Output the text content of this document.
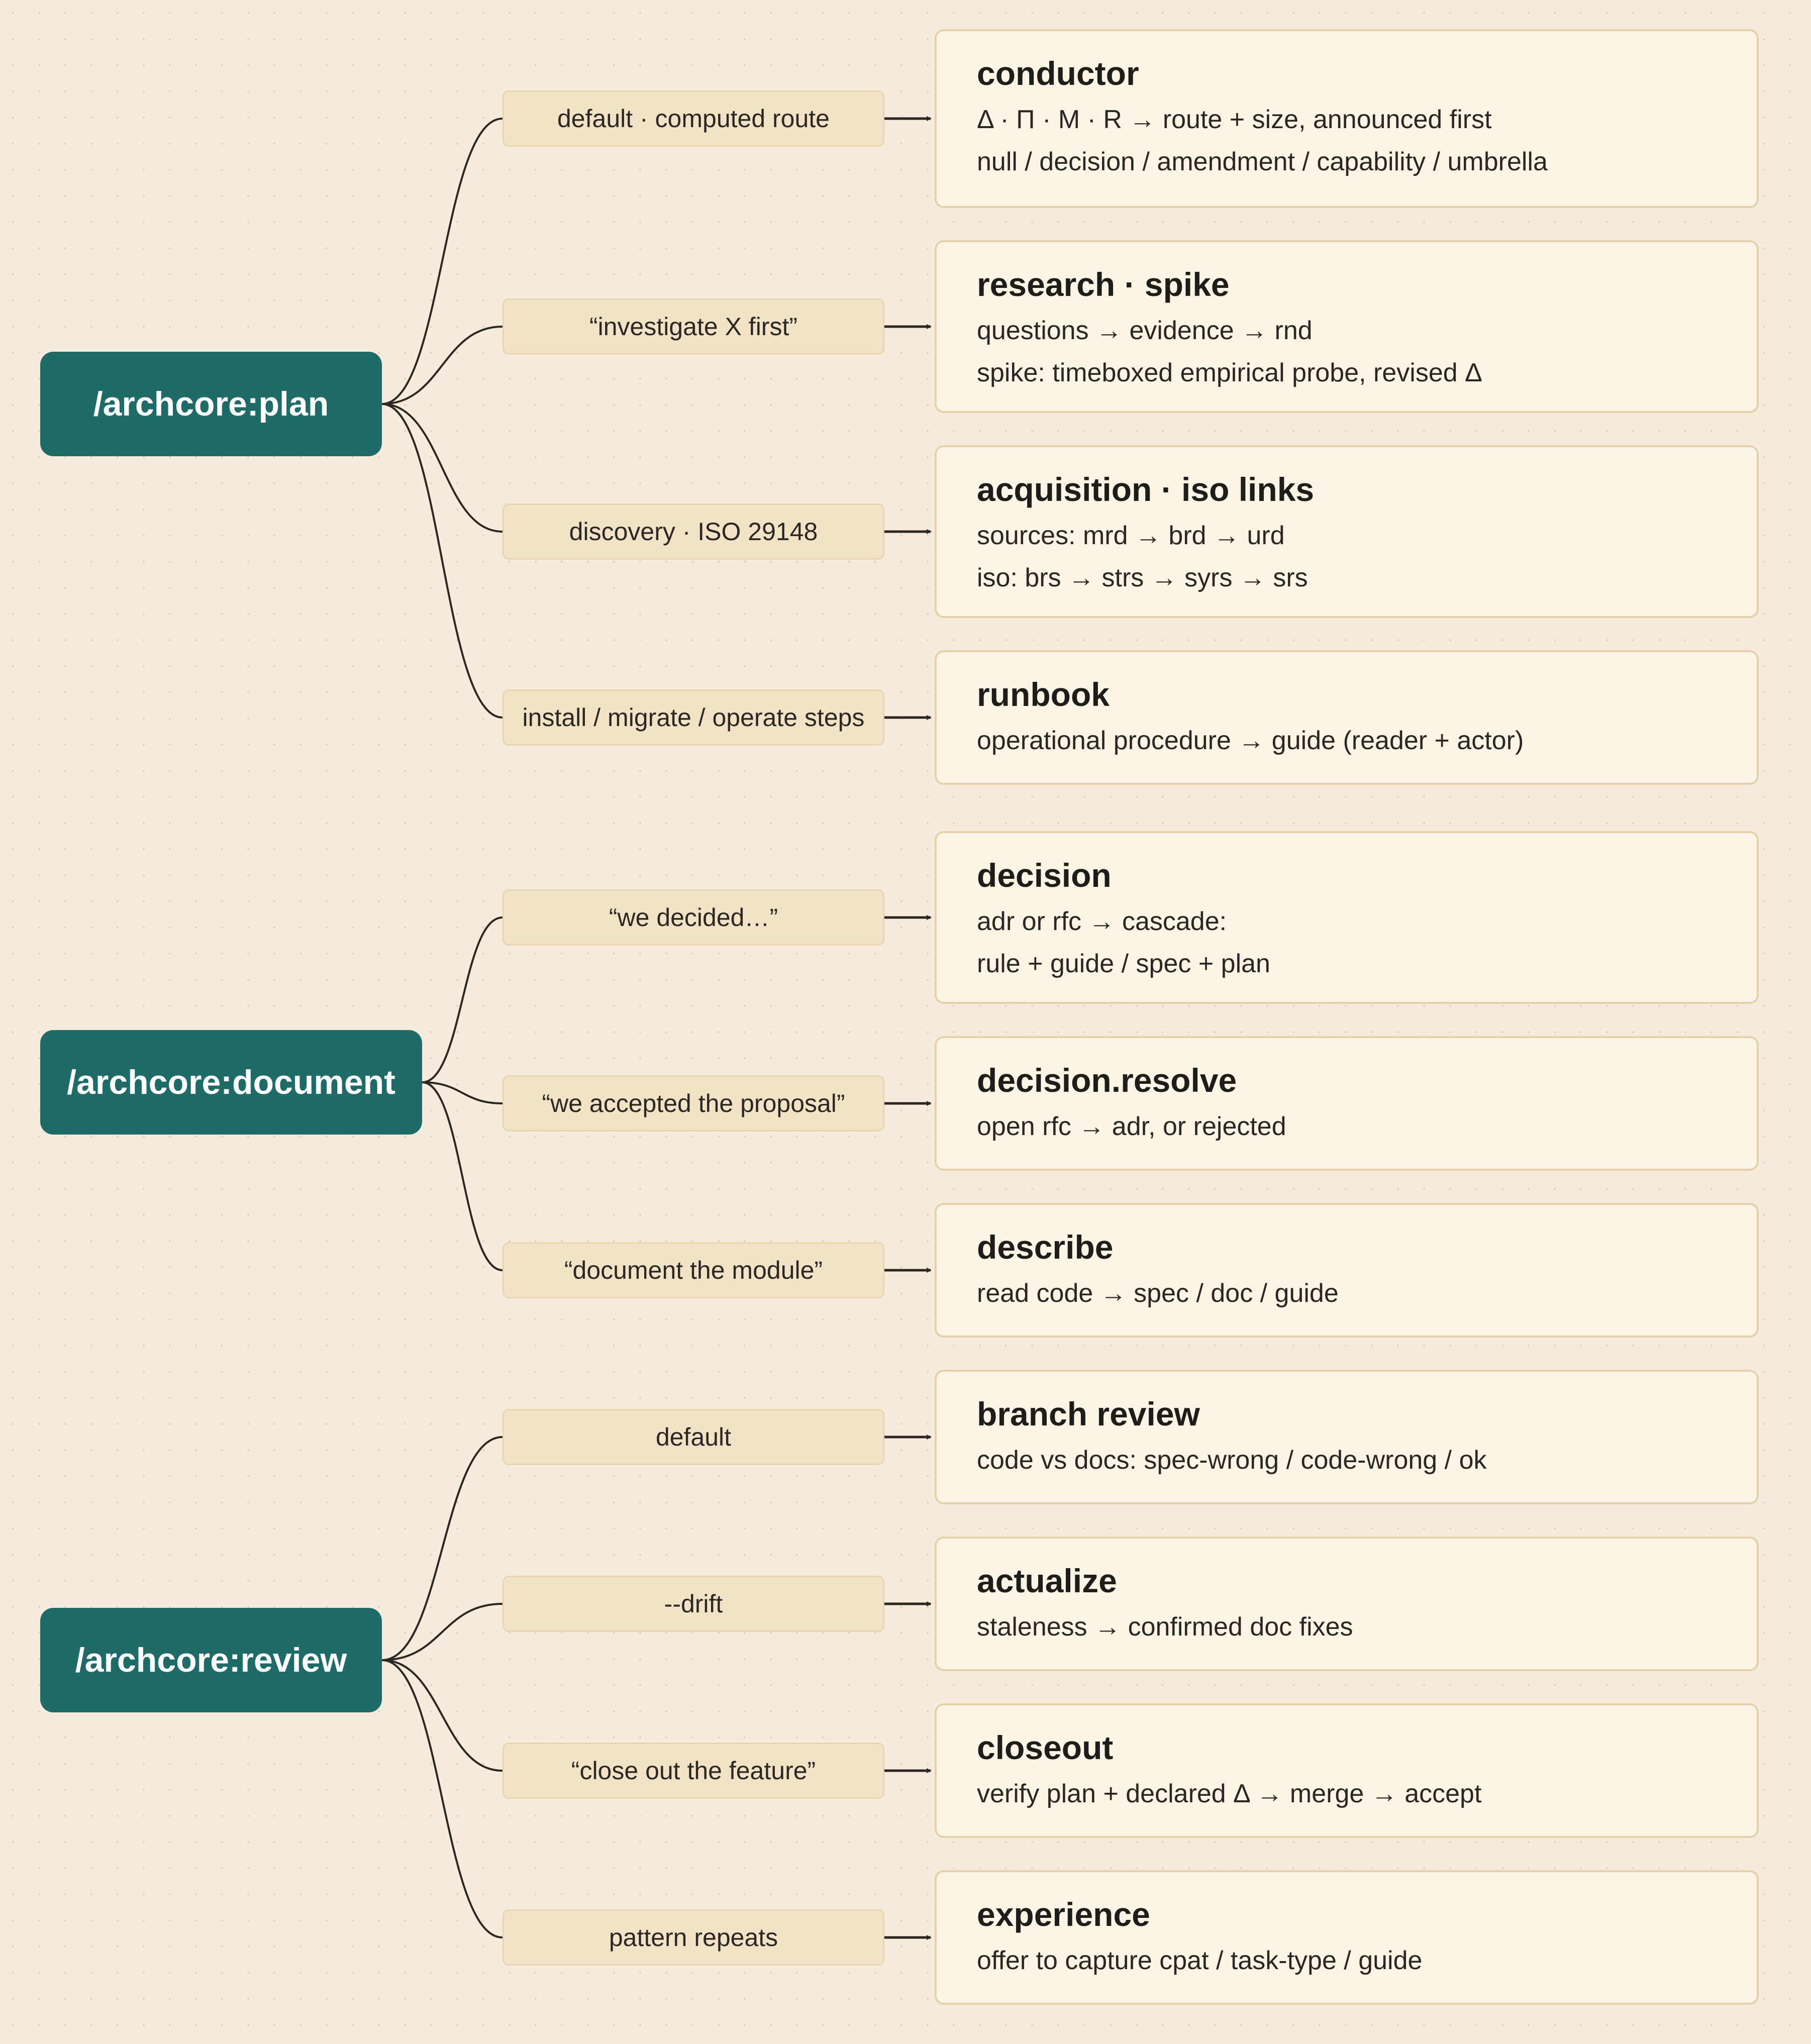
/archcore:plan
default · computed route
conductor
Δ · Π · M · R → route + size, announced first
null / decision / amendment / capability / umbrella
“investigate X first”
research · spike
questions → evidence → rnd
spike: timeboxed empirical probe, revised Δ
discovery · ISO 29148
acquisition · iso links
sources: mrd → brd → urd
iso: brs → strs → syrs → srs
install / migrate / operate steps
runbook
operational procedure → guide (reader + actor)
/archcore:document
“we decided…”
decision
adr or rfc → cascade:
rule + guide / spec + plan
“we accepted the proposal”
decision.resolve
open rfc → adr, or rejected
“document the module”
describe
read code → spec / doc / guide
/archcore:review
default
branch review
code vs docs: spec-wrong / code-wrong / ok
--drift
actualize
staleness → confirmed doc fixes
“close out the feature”
closeout
verify plan + declared Δ → merge → accept
pattern repeats
experience
offer to capture cpat / task-type / guide
